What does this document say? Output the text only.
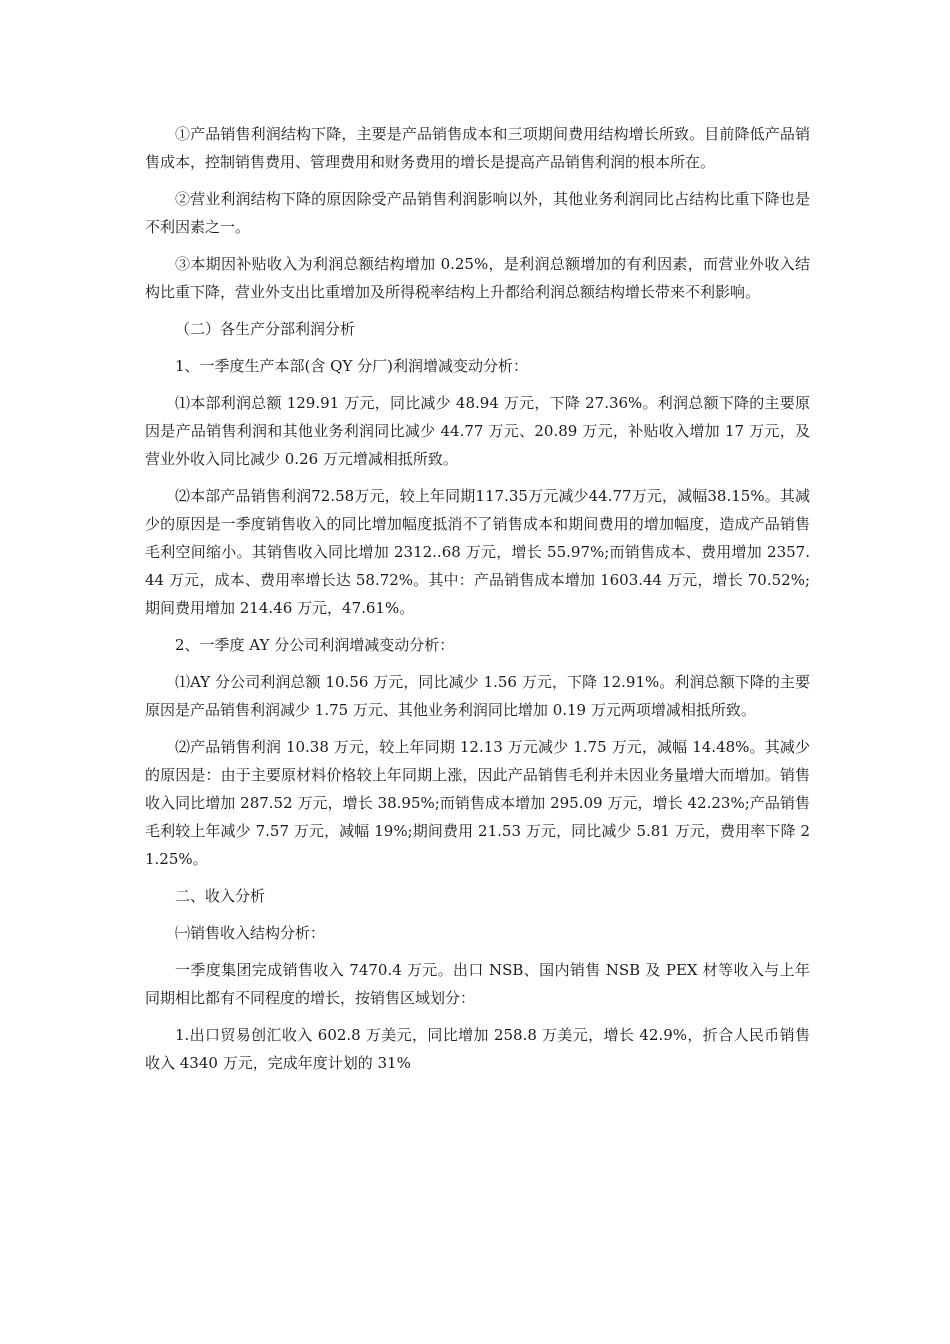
①产品销售利润结构下降，主要是产品销售成本和三项期间费用结构增长所致。目前降低产品销售成本，控制销售费用、管理费用和财务费用的增长是提高产品销售利润的根本所在。

②营业利润结构下降的原因除受产品销售利润影响以外，其他业务利润同比占结构比重下降也是不利因素之一。

③本期因补贴收入为利润总额结构增加 0.25%，是利润总额增加的有利因素，而营业外收入结构比重下降，营业外支出比重增加及所得税率结构上升都给利润总额结构增长带来不利影响。

（二）各生产分部利润分析

1、一季度生产本部(含 QY 分厂)利润增减变动分析：

⑴本部利润总额 129.91 万元，同比减少 48.94 万元，下降 27.36%。利润总额下降的主要原因是产品销售利润和其他业务利润同比减少 44.77 万元、20.89 万元，补贴收入增加 17 万元，及营业外收入同比减少 0.26 万元增减相抵所致。

⑵本部产品销售利润72.58万元，较上年同期117.35万元减少44.77万元，减幅38.15%。其减少的原因是一季度销售收入的同比增加幅度抵消不了销售成本和期间费用的增加幅度，造成产品销售毛利空间缩小。其销售收入同比增加 2312..68 万元，增长 55.97%;而销售成本、费用增加 2357.44 万元，成本、费用率增长达 58.72%。其中：产品销售成本增加 1603.44 万元，增长 70.52%;期间费用增加 214.46 万元，47.61%。

2、一季度 AY 分公司利润增减变动分析：

⑴AY 分公司利润总额 10.56 万元，同比减少 1.56 万元，下降 12.91%。利润总额下降的主要原因是产品销售利润减少 1.75 万元、其他业务利润同比增加 0.19 万元两项增减相抵所致。

⑵产品销售利润 10.38 万元，较上年同期 12.13 万元减少 1.75 万元，减幅 14.48%。其减少的原因是：由于主要原材料价格较上年同期上涨，因此产品销售毛利并未因业务量增大而增加。销售收入同比增加 287.52 万元，增长 38.95%;而销售成本增加 295.09 万元，增长 42.23%;产品销售毛利较上年减少 7.57 万元，减幅 19%;期间费用 21.53 万元，同比减少 5.81 万元，费用率下降 21.25%。

二、收入分析

㈠销售收入结构分析：

一季度集团完成销售收入 7470.4 万元。出口 NSB、国内销售 NSB 及 PEX 材等收入与上年同期相比都有不同程度的增长，按销售区域划分：

1.出口贸易创汇收入 602.8 万美元，同比增加 258.8 万美元，增长 42.9%，折合人民币销售收入 4340 万元，完成年度计划的 31%
